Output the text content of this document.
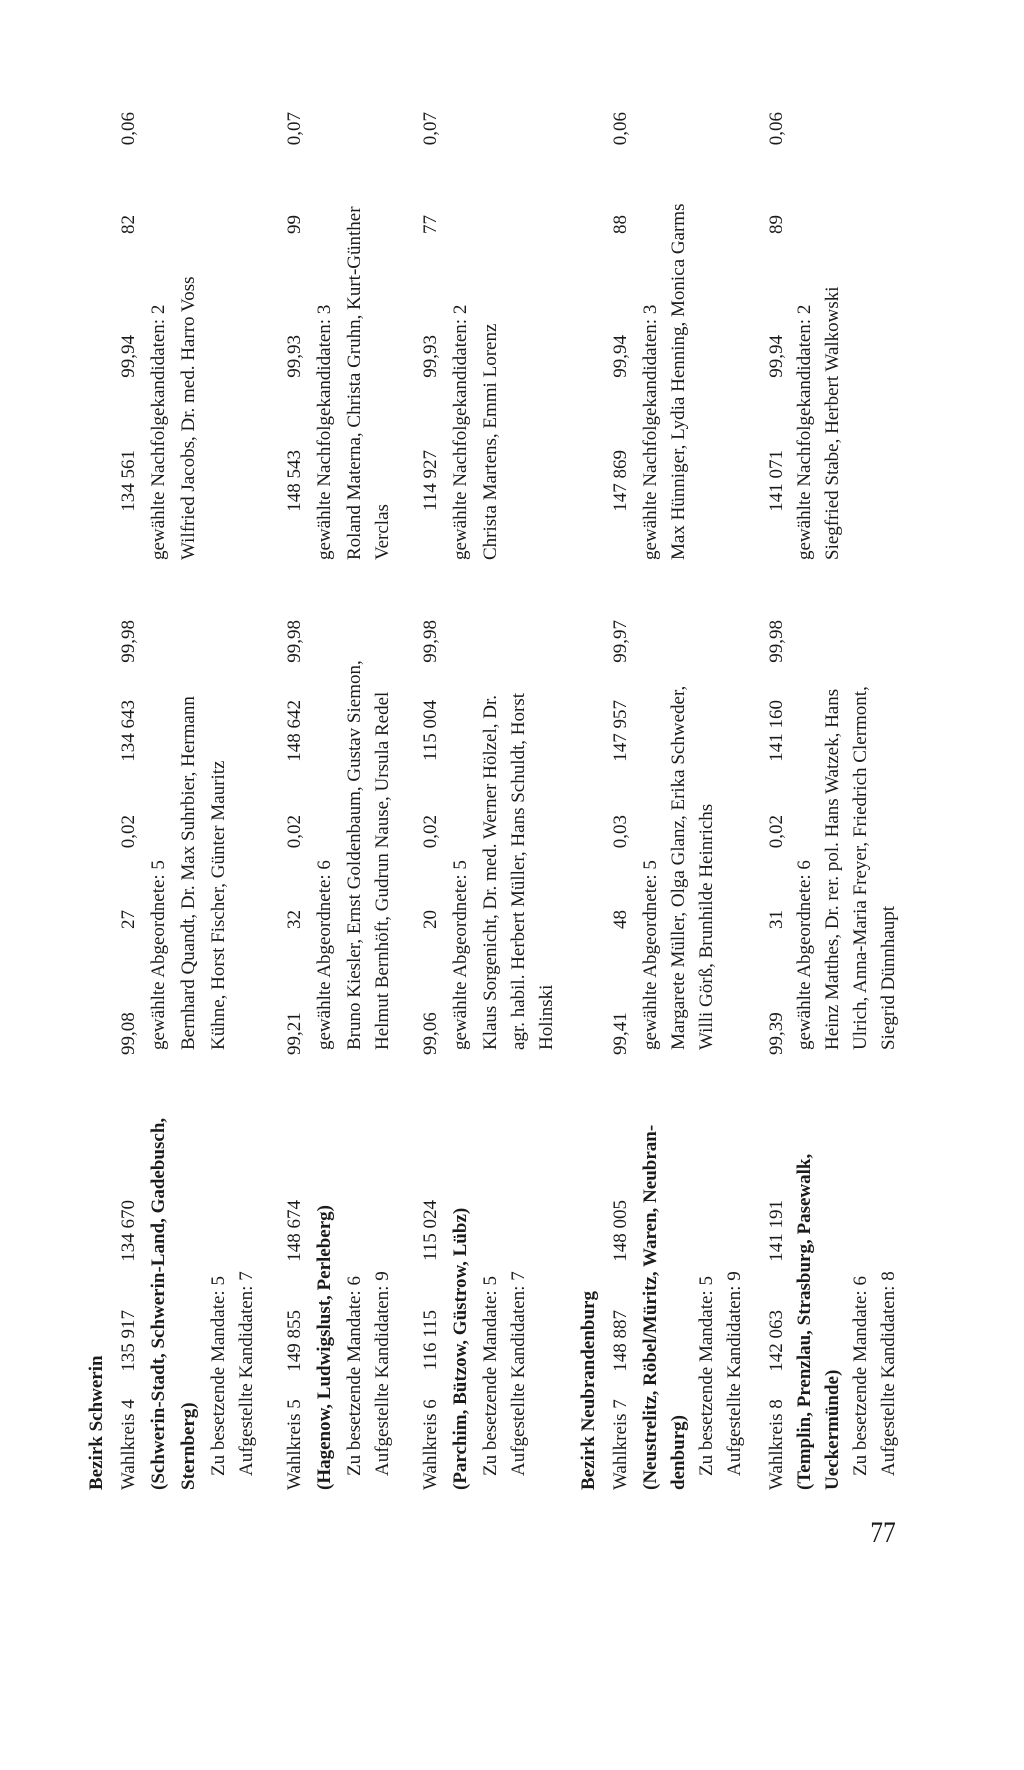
Bezirk Schwerin Wahlkreis 4
135 917
134 670
99,08
27
0,02
134 643
99,98
134 561
99,94
82
0,06
(Schwerin-Stadt, Schwerin-Land, Gadebusch, Sternberg) Zu besetzende Mandate: 5 Aufgestellte Kandidaten: 7
gewählte Abgeordnete: 5 Bernhard Quandt, Dr. Max Suhrbier, Hermann Kühne, Horst Fischer, Günter Mauritz
gewählte Nachfolgekandidaten: 2 Wilfried Jacobs, Dr. med. Harro Voss
Wahlkreis 5
149 855
148 674
99,21
32
0,02
148 642
99,98
148 543
99,93
99
0,07
(Hagenow, Ludwigslust, Perleberg) Zu besetzende Mandate: 6 Aufgestellte Kandidaten: 9
gewählte Abgeordnete: 6 Bruno Kiesler, Ernst Goldenbaum, Gustav Siemon, Helmut Bernhöft, Gudrun Nause, Ursula Redel
gewählte Nachfolgekandidaten: 3 Roland Materna, Christa Gruhn, Kurt-Günther Verclas
Wahlkreis 6
116 115
115 024
99,06
20
0,02
115 004
99,98
114 927
99,93
77
0,07
(Parchim, Bützow, Güstrow, Lübz) Zu besetzende Mandate: 5 Aufgestellte Kandidaten: 7
gewählte Abgeordnete: 5 Klaus Sorgenicht, Dr. med. Werner Hölzel, Dr. agr. habil. Herbert Müller, Hans Schuldt, Horst Holinski
gewählte Nachfolgekandidaten: 2 Christa Martens, Emmi Lorenz
Bezirk Neubrandenburg Wahlkreis 7
148 887
148 005
99,41
48
0,03
147 957
99,97
147 869
99,94
88
0,06
(Neustrelitz, Röbel/Müritz, Waren, Neubran- denburg) Zu besetzende Mandate: 5 Aufgestellte Kandidaten: 9
gewählte Abgeordnete: 5 Margarete Müller, Olga Glanz, Erika Schweder, Willi Görß, Brunhilde Heinrichs
gewählte Nachfolgekandidaten: 3 Max Hünniger, Lydia Henning, Monica Garms
Wahlkreis 8
142 063
141 191
99,39
31
0,02
141 160
99,98
141 071
99,94
89
0,06
(Templin, Prenzlau, Strasburg, Pasewalk, Ueckermünde) Zu besetzende Mandate: 6 Aufgestellte Kandidaten: 8
gewählte Abgeordnete: 6 Heinz Matthes, Dr. rer. pol. Hans Watzek, Hans Ulrich, Anna-Maria Freyer, Friedrich Clermont, Siegrid Dünnhaupt
gewählte Nachfolgekandidaten: 2 Siegfried Stabe, Herbert Walkowski
77
